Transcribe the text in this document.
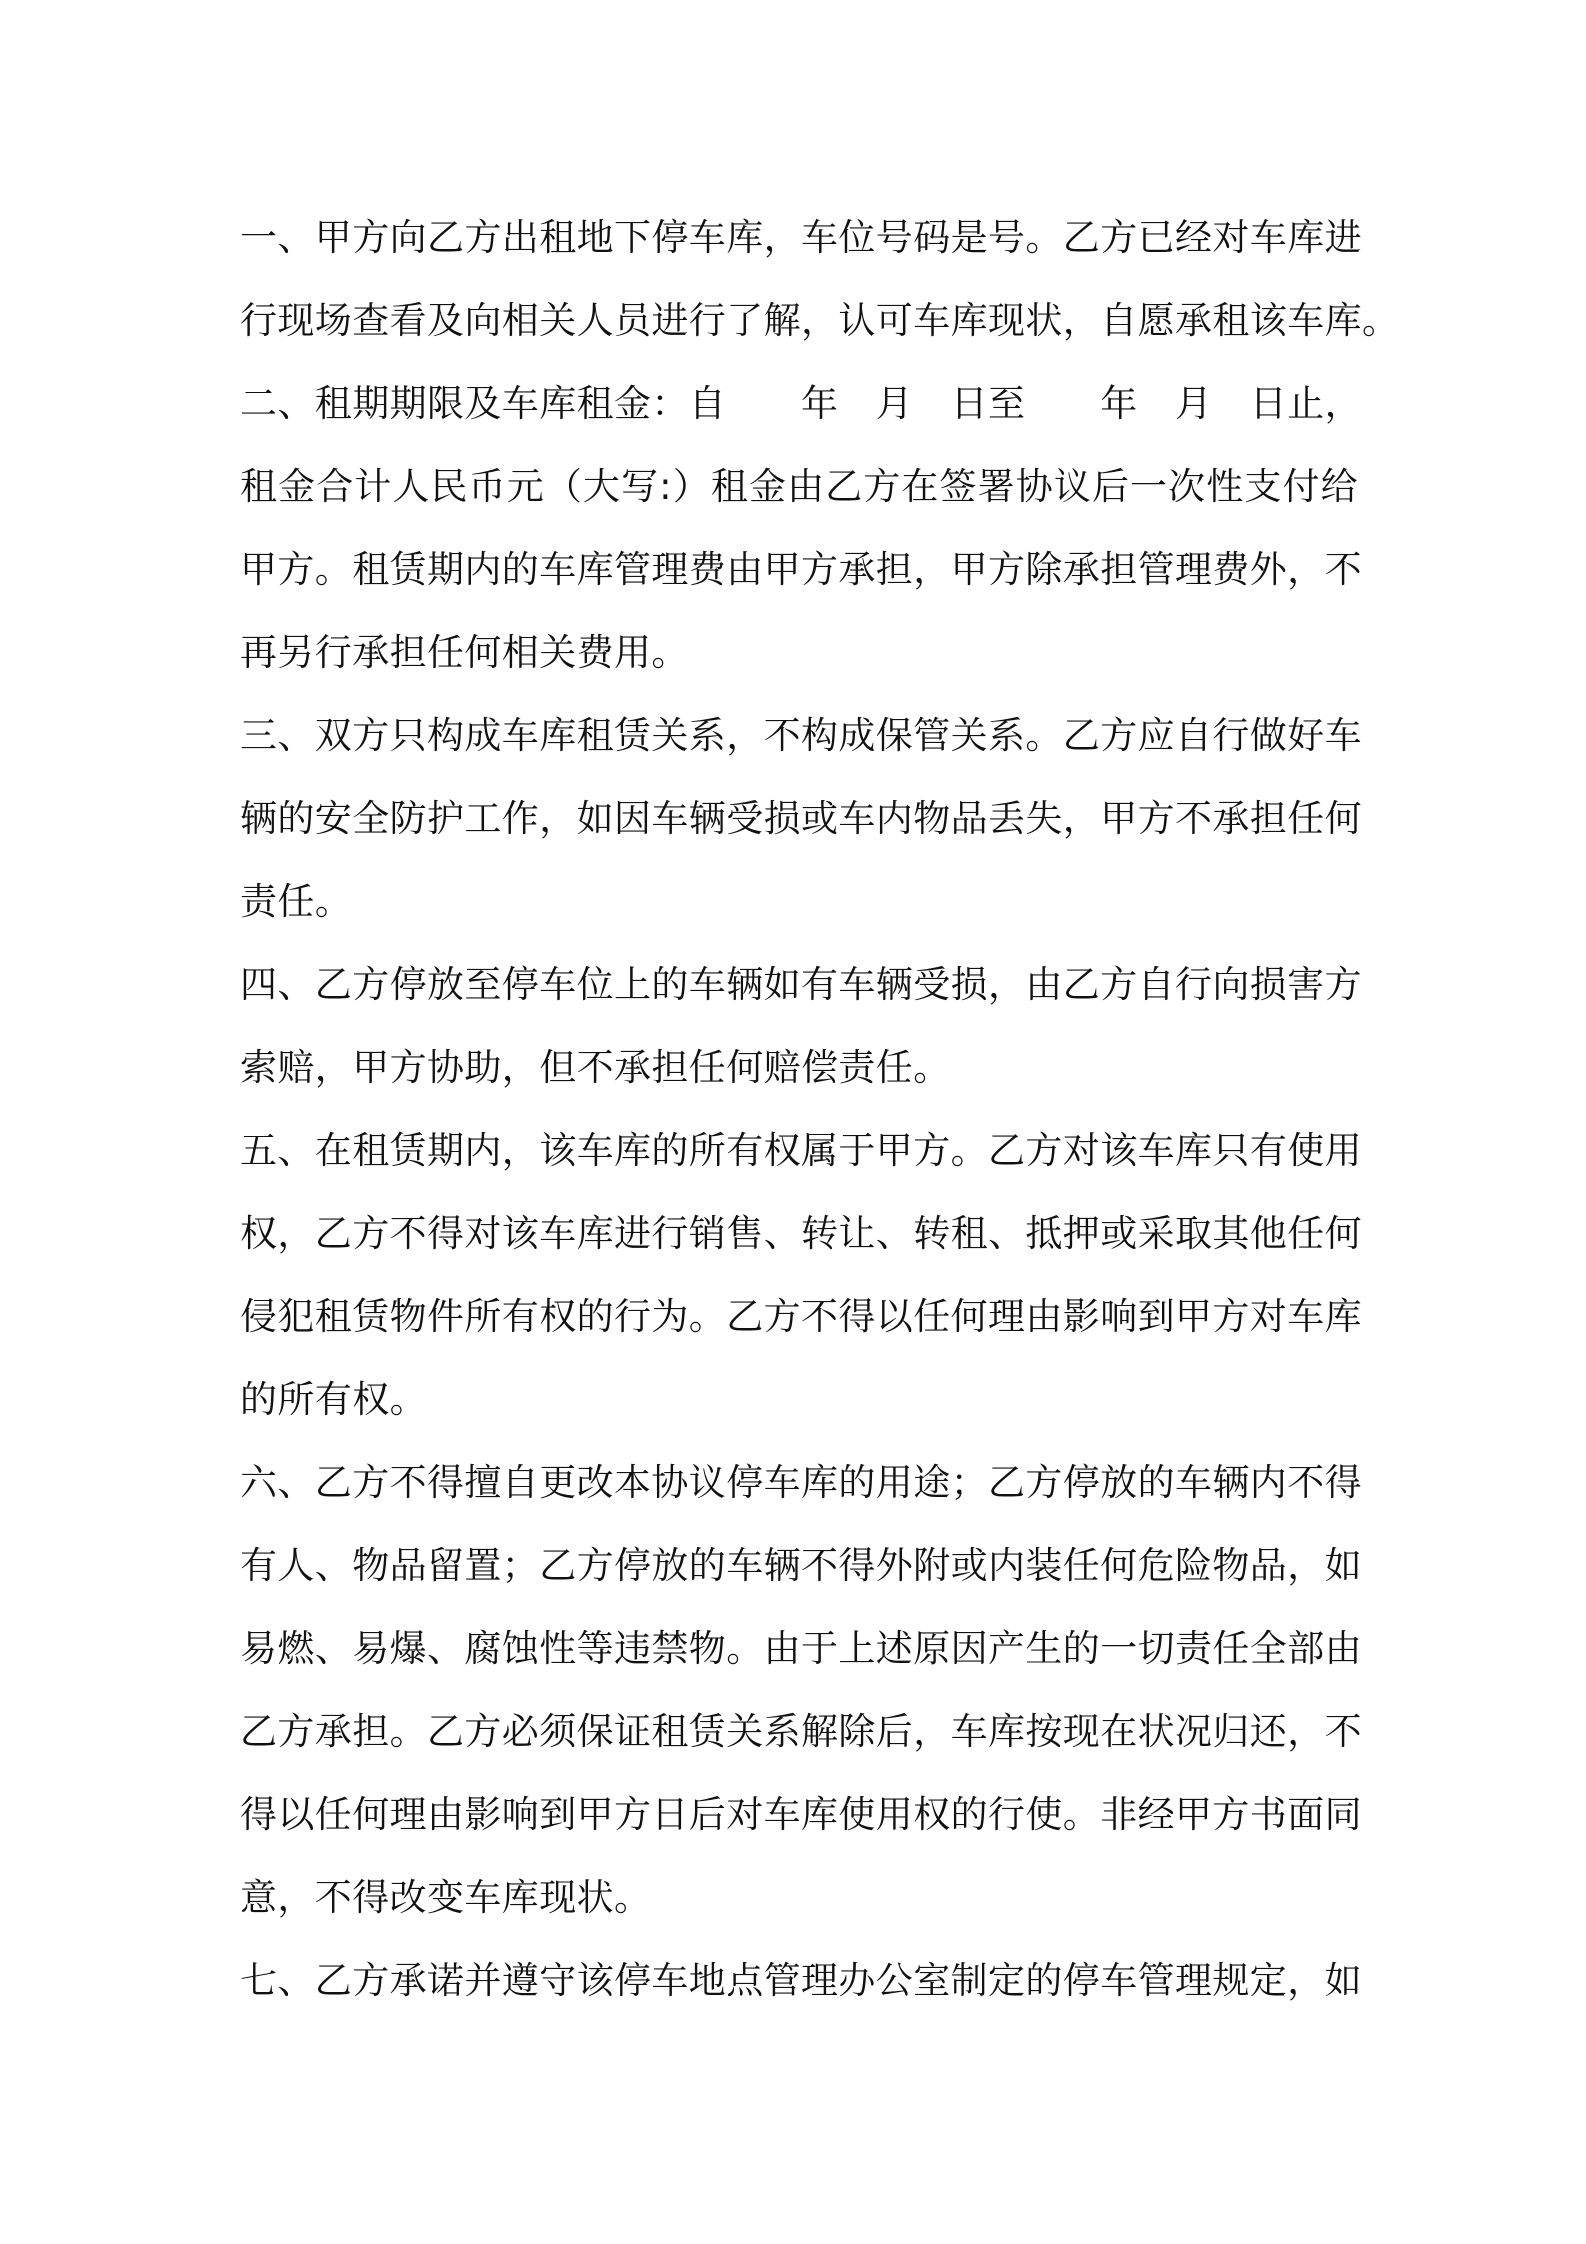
一、甲方向乙方出租地下停车库，车位号码是号。乙方已经对车库进
行现场查看及向相关人员进行了解，认可车库现状，自愿承租该车库。
二、租期期限及车库租金：自　　年　月　日至　　年　月　日止，
租金合计人民币元（大写:）租金由乙方在签署协议后一次性支付给
甲方。租赁期内的车库管理费由甲方承担，甲方除承担管理费外，不
再另行承担任何相关费用。
三、双方只构成车库租赁关系，不构成保管关系。乙方应自行做好车
辆的安全防护工作，如因车辆受损或车内物品丢失，甲方不承担任何
责任。
四、乙方停放至停车位上的车辆如有车辆受损，由乙方自行向损害方
索赔，甲方协助，但不承担任何赔偿责任。
五、在租赁期内，该车库的所有权属于甲方。乙方对该车库只有使用
权，乙方不得对该车库进行销售、转让、转租、抵押或采取其他任何
侵犯租赁物件所有权的行为。乙方不得以任何理由影响到甲方对车库
的所有权。
六、乙方不得擅自更改本协议停车库的用途；乙方停放的车辆内不得
有人、物品留置；乙方停放的车辆不得外附或内装任何危险物品，如
易燃、易爆、腐蚀性等违禁物。由于上述原因产生的一切责任全部由
乙方承担。乙方必须保证租赁关系解除后，车库按现在状况归还，不
得以任何理由影响到甲方日后对车库使用权的行使。非经甲方书面同
意，不得改变车库现状。
七、乙方承诺并遵守该停车地点管理办公室制定的停车管理规定，如
